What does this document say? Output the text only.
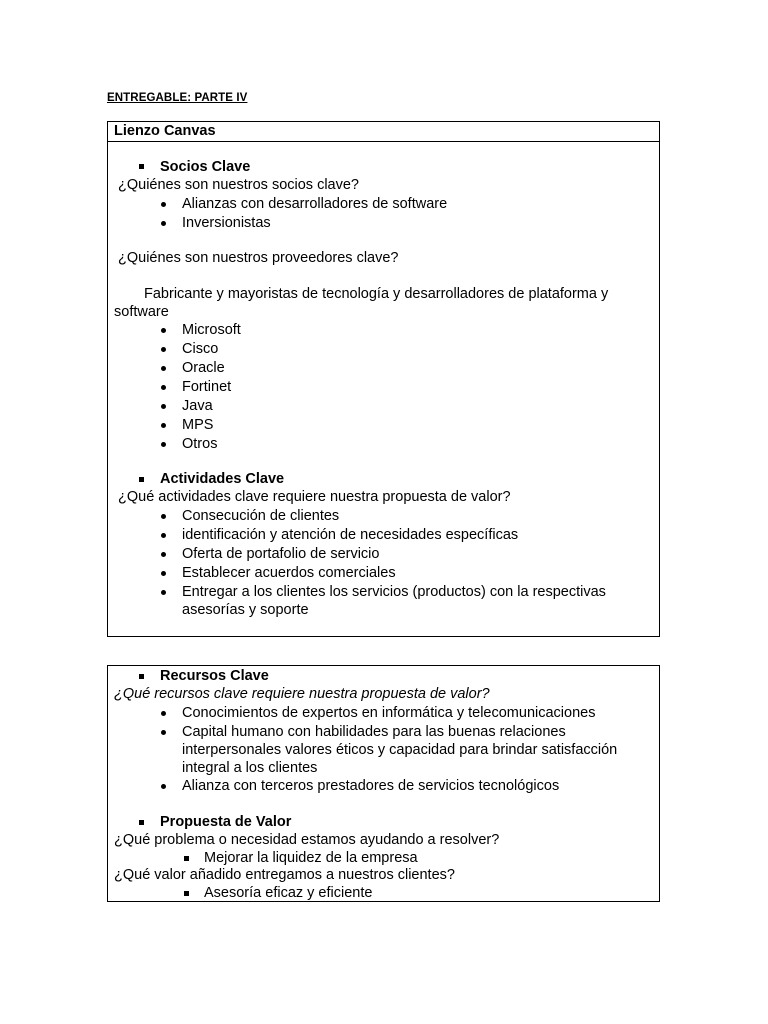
ENTREGABLE: PARTE IV
Lienzo Canvas
Socios Clave
¿Quiénes son nuestros socios clave?
Alianzas con desarrolladores de software
Inversionistas
¿Quiénes son nuestros proveedores clave?
Fabricante y mayoristas de tecnología y desarrolladores de plataforma y
software
Microsoft
Cisco
Oracle
Fortinet
Java
MPS
Otros
Actividades Clave
¿Qué actividades clave requiere nuestra propuesta de valor?
Consecución de clientes
identificación y atención de necesidades específicas
Oferta de portafolio de servicio
Establecer acuerdos comerciales
Entregar a los clientes los servicios (productos) con la respectivas
asesorías y soporte
Recursos Clave
¿Qué recursos clave requiere nuestra propuesta de valor?
Conocimientos de expertos en informática y telecomunicaciones
Capital humano con habilidades para las buenas relaciones
interpersonales valores éticos y capacidad para brindar satisfacción
integral a los clientes
Alianza con terceros prestadores de servicios tecnológicos
Propuesta de Valor
¿Qué problema o necesidad estamos ayudando a resolver?
Mejorar la liquidez de la empresa
¿Qué valor añadido entregamos a nuestros clientes?
Asesoría eficaz y eficiente
